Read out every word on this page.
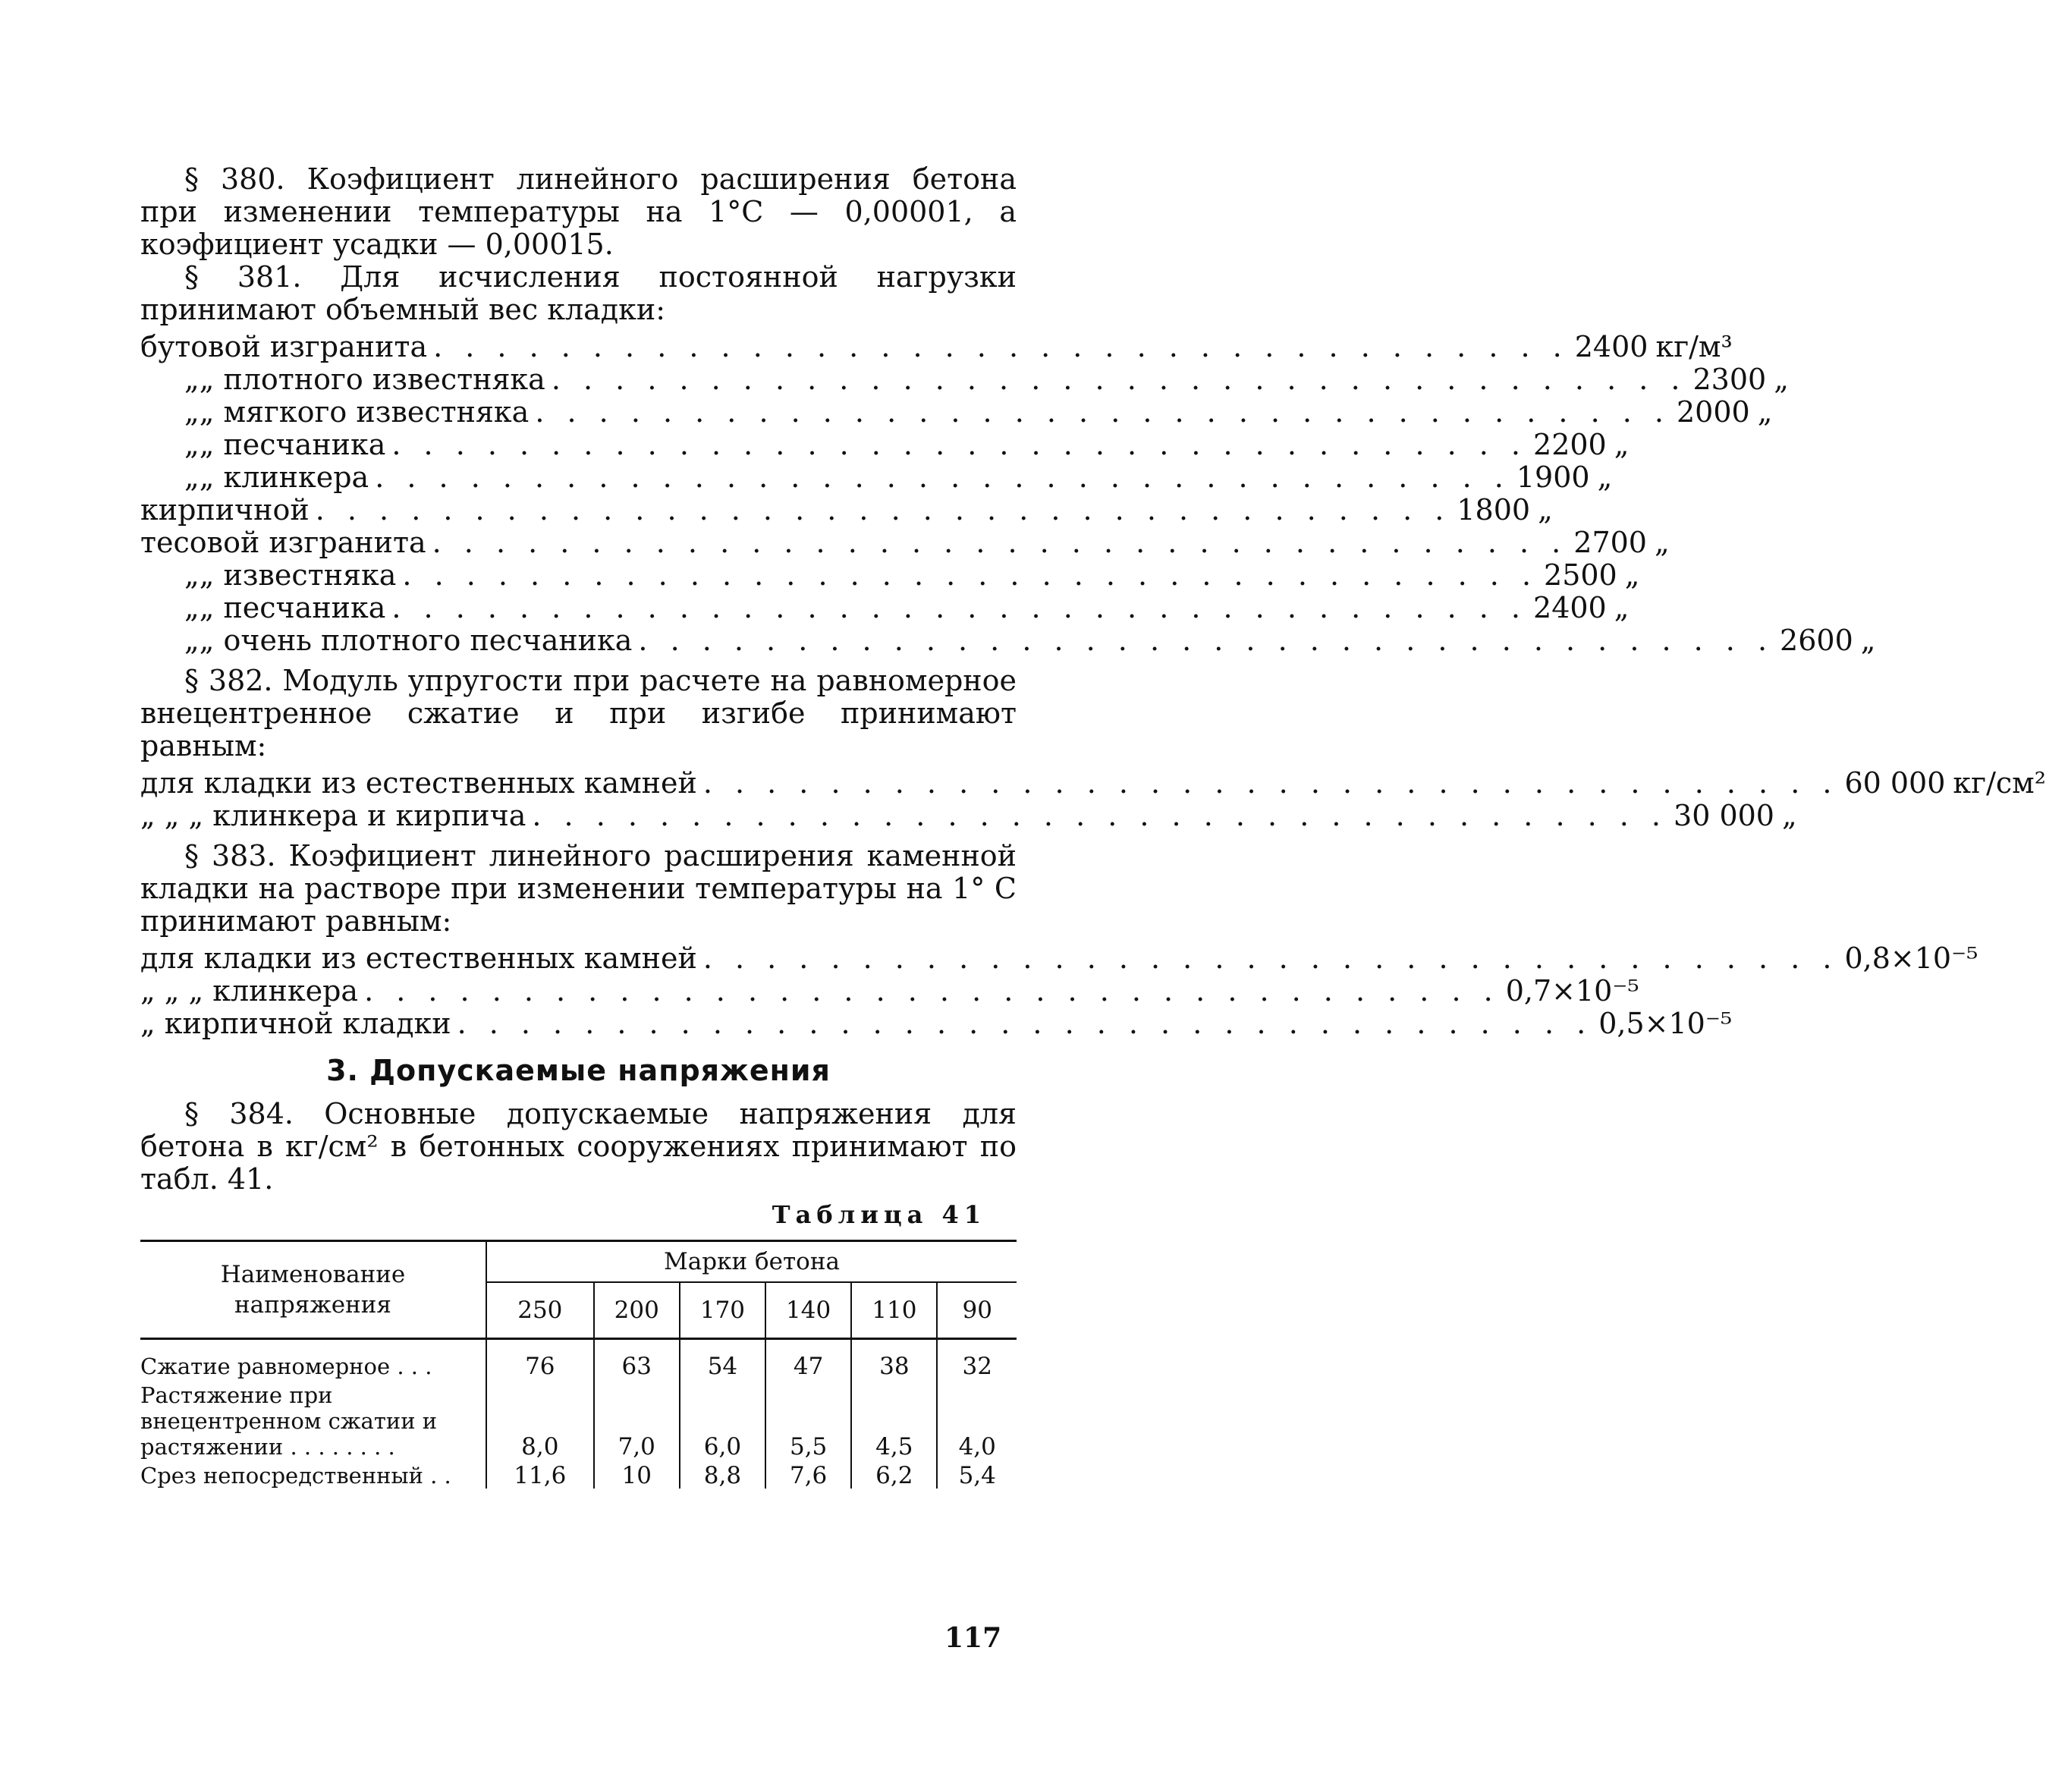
§ 380. Коэфициент линейного расширения бетона при изменении температуры на 1°С — 0,00001, а коэфициент усадки — 0,00015.

§ 381. Для исчисления постоянной нагрузки принимают объемный вес кладки:

бутовой из гранита . . . . . . . . . . . . . . . . . . . . . . . . . . . . . . . . . . . . 2400 кг/м³
„ „ плотного известняка . . . . . . . . . . . . . . . . . . . . . . . . . . . . . . . . . . . . 2300 „
„ „ мягкого известняка . . . . . . . . . . . . . . . . . . . . . . . . . . . . . . . . . . . . 2000 „
„ „ песчаника . . . . . . . . . . . . . . . . . . . . . . . . . . . . . . . . . . . . 2200 „
„ „ клинкера . . . . . . . . . . . . . . . . . . . . . . . . . . . . . . . . . . . . 1900 „
кирпичной . . . . . . . . . . . . . . . . . . . . . . . . . . . . . . . . . . . . 1800 „
тесовой из гранита . . . . . . . . . . . . . . . . . . . . . . . . . . . . . . . . . . . . 2700 „
„ „ известняка . . . . . . . . . . . . . . . . . . . . . . . . . . . . . . . . . . . . 2500 „
„ „ песчаника . . . . . . . . . . . . . . . . . . . . . . . . . . . . . . . . . . . . 2400 „
„ „ очень плотного песчаника . . . . . . . . . . . . . . . . . . . . . . . . . . . . . . . . . . . . 2600 „

§ 382. Модуль упругости при расчете на равномерное внецентренное сжатие и при изгибе принимают равным:

для кладки из естественных камней . . . . . . . . . . . . . . . . . . . . . . . . . . . . . . . . . . . . 60 000 кг/см²
„ „ „ клинкера и кирпича . . . . . . . . . . . . . . . . . . . . . . . . . . . . . . . . . . . . 30 000 „

§ 383. Коэфициент линейного расширения каменной кладки на растворе при изменении температуры на 1° С принимают равным:

для кладки из естественных камней . . . . . . . . . . . . . . . . . . . . . . . . . . . . . . . . . . . . 0,8×10⁻⁵
„ „ „ клинкера . . . . . . . . . . . . . . . . . . . . . . . . . . . . . . . . . . . . 0,7×10⁻⁵
„ кирпичной кладки . . . . . . . . . . . . . . . . . . . . . . . . . . . . . . . . . . . . 0,5×10⁻⁵
3. Допускаемые напряжения

§ 384. Основные допускаемые напряжения для бетона в кг/см² в бетонных сооружениях принимают по табл. 41.

Таблица 41
Наименование напряжения	Марки бетона					
	250	200	170	140	110	90
Сжатие равномерное . . .	76	63	54	47	38	32
Растяжение при внецентренном сжатии и растяжении . . . . . . . .	8,0	7,0	6,0	5,5	4,5	4,0
Срез непосредственный . .	11,6	10	8,8	7,6	6,2	5,4
117
